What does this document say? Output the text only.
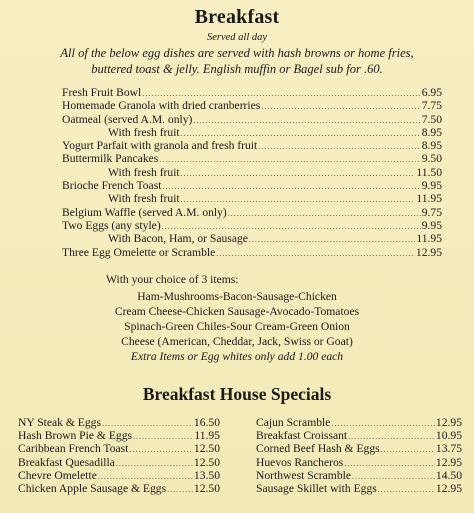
Breakfast
Served all day
All of the below egg dishes are served with hash browns or home fries,
buttered toast & jelly. English muffin or Bagel sub for .60.
Fresh Fruit Bowl .....	6.95
Homemade Granola with dried cranberries .....	7.75
Oatmeal (served A.M. only) .....	7.50
With fresh fruit .....	8.95
Yogurt Parfait with granola and fresh fruit .....	8.95
Buttermilk Pancakes .....	9.50
With fresh fruit .....	11.50
Brioche French Toast .....	9.95
With fresh fruit .....	11.95
Belgium Waffle (served A.M. only) .....	9.75
Two Eggs (any style) .....	9.95
With Bacon, Ham, or Sausage .....	11.95
Three Egg Omelette or Scramble .....	12.95
With your choice of 3 items:
Ham-Mushrooms-Bacon-Sausage-Chicken
Cream Cheese-Chicken Sausage-Avocado-Tomatoes
Spinach-Green Chiles-Sour Cream-Green Onion
Cheese (American, Cheddar, Jack, Swiss or Goat)
Extra Items or Egg whites only add 1.00 each
Breakfast House Specials
NY Steak & Eggs .....	16.50
Hash Brown Pie & Eggs .....	11.95
Caribbean French Toast .....	12.50
Breakfast Quesadilla .....	12.50
Chevre Omelette .....	13.50
Chicken Apple Sausage & Eggs ..... 12.50
Cajun Scramble .....	12.95
Breakfast Croissant .....	10.95
Corned Beef Hash & Eggs .....	13.75
Huevos Rancheros .....	12.95
Northwest Scramble .....	14.50
Sausage Skillet with Eggs .....	12.95
